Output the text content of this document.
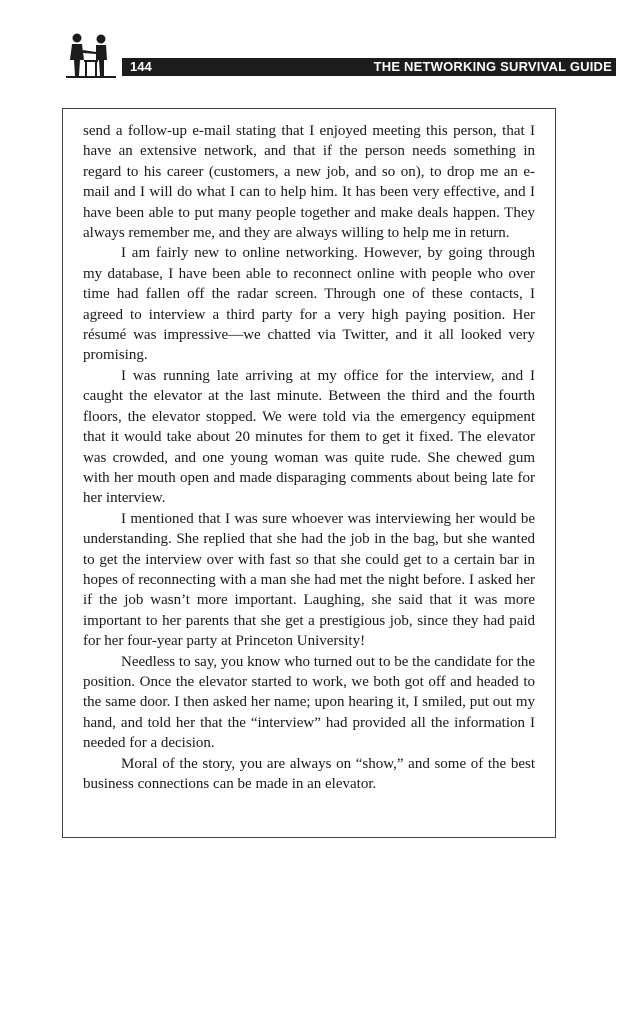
144	THE NETWORKING SURVIVAL GUIDE

send a follow-up e-mail stating that I enjoyed meeting this person, that I have an extensive network, and that if the person needs something in regard to his career (customers, a new job, and so on), to drop me an e-mail and I will do what I can to help him. It has been very effective, and I have been able to put many people together and make deals happen. They always remember me, and they are always willing to help me in return.

I am fairly new to online networking. However, by going through my database, I have been able to reconnect online with people who over time had fallen off the radar screen. Through one of these contacts, I agreed to interview a third party for a very high paying position. Her résumé was impressive—we chatted via Twitter, and it all looked very promising.

I was running late arriving at my office for the interview, and I caught the elevator at the last minute. Between the third and the fourth floors, the elevator stopped. We were told via the emergency equipment that it would take about 20 minutes for them to get it fixed. The elevator was crowded, and one young woman was quite rude. She chewed gum with her mouth open and made disparaging comments about being late for her interview.

I mentioned that I was sure whoever was interviewing her would be understanding. She replied that she had the job in the bag, but she wanted to get the interview over with fast so that she could get to a certain bar in hopes of reconnecting with a man she had met the night before. I asked her if the job wasn’t more important. Laughing, she said that it was more important to her parents that she get a prestigious job, since they had paid for her four-year party at Princeton University!

Needless to say, you know who turned out to be the candidate for the position. Once the elevator started to work, we both got off and headed to the same door. I then asked her name; upon hearing it, I smiled, put out my hand, and told her that the “interview” had provided all the information I needed for a decision.

Moral of the story, you are always on “show,” and some of the best business connections can be made in an elevator.
